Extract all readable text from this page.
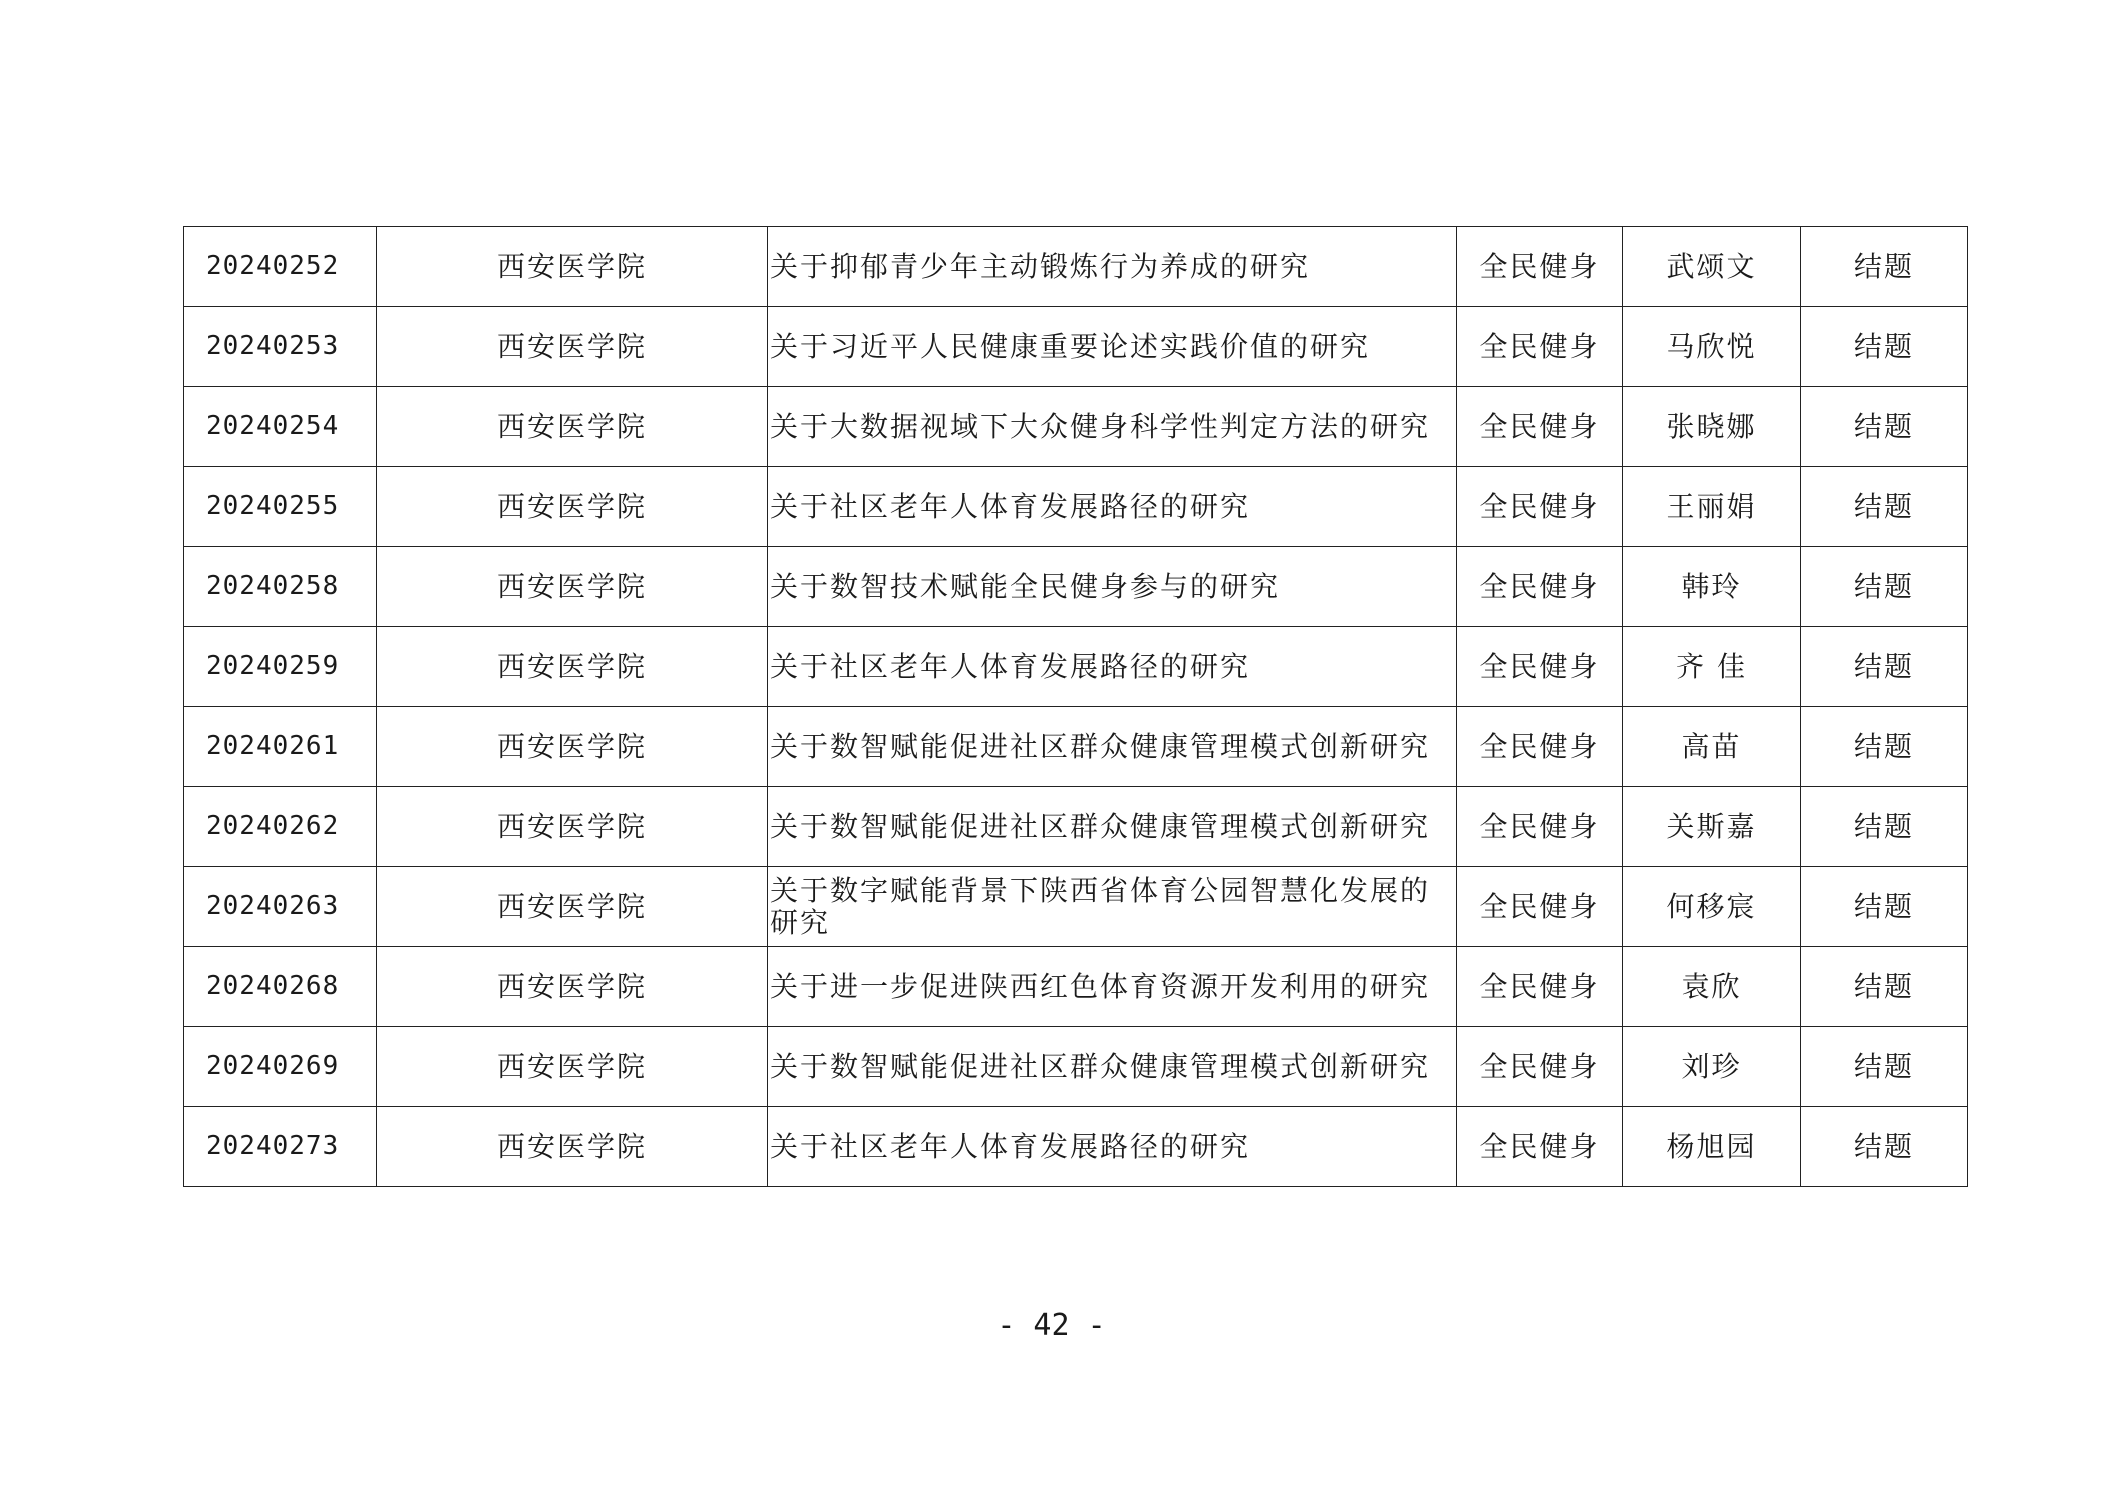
20240252	西安医学院	关于抑郁青少年主动锻炼行为养成的研究	全民健身	武颂文	结题
20240253	西安医学院	关于习近平人民健康重要论述实践价值的研究	全民健身	马欣悦	结题
20240254	西安医学院	关于大数据视域下大众健身科学性判定方法的研究	全民健身	张晓娜	结题
20240255	西安医学院	关于社区老年人体育发展路径的研究	全民健身	王丽娟	结题
20240258	西安医学院	关于数智技术赋能全民健身参与的研究	全民健身	韩玲	结题
20240259	西安医学院	关于社区老年人体育发展路径的研究	全民健身	齐 佳	结题
20240261	西安医学院	关于数智赋能促进社区群众健康管理模式创新研究	全民健身	高苗	结题
20240262	西安医学院	关于数智赋能促进社区群众健康管理模式创新研究	全民健身	关斯嘉	结题
20240263	西安医学院	关于数字赋能背景下陕西省体育公园智慧化发展的研究	全民健身	何移宸	结题
20240268	西安医学院	关于进一步促进陕西红色体育资源开发利用的研究	全民健身	袁欣	结题
20240269	西安医学院	关于数智赋能促进社区群众健康管理模式创新研究	全民健身	刘珍	结题
20240273	西安医学院	关于社区老年人体育发展路径的研究	全民健身	杨旭园	结题
- 42 -
